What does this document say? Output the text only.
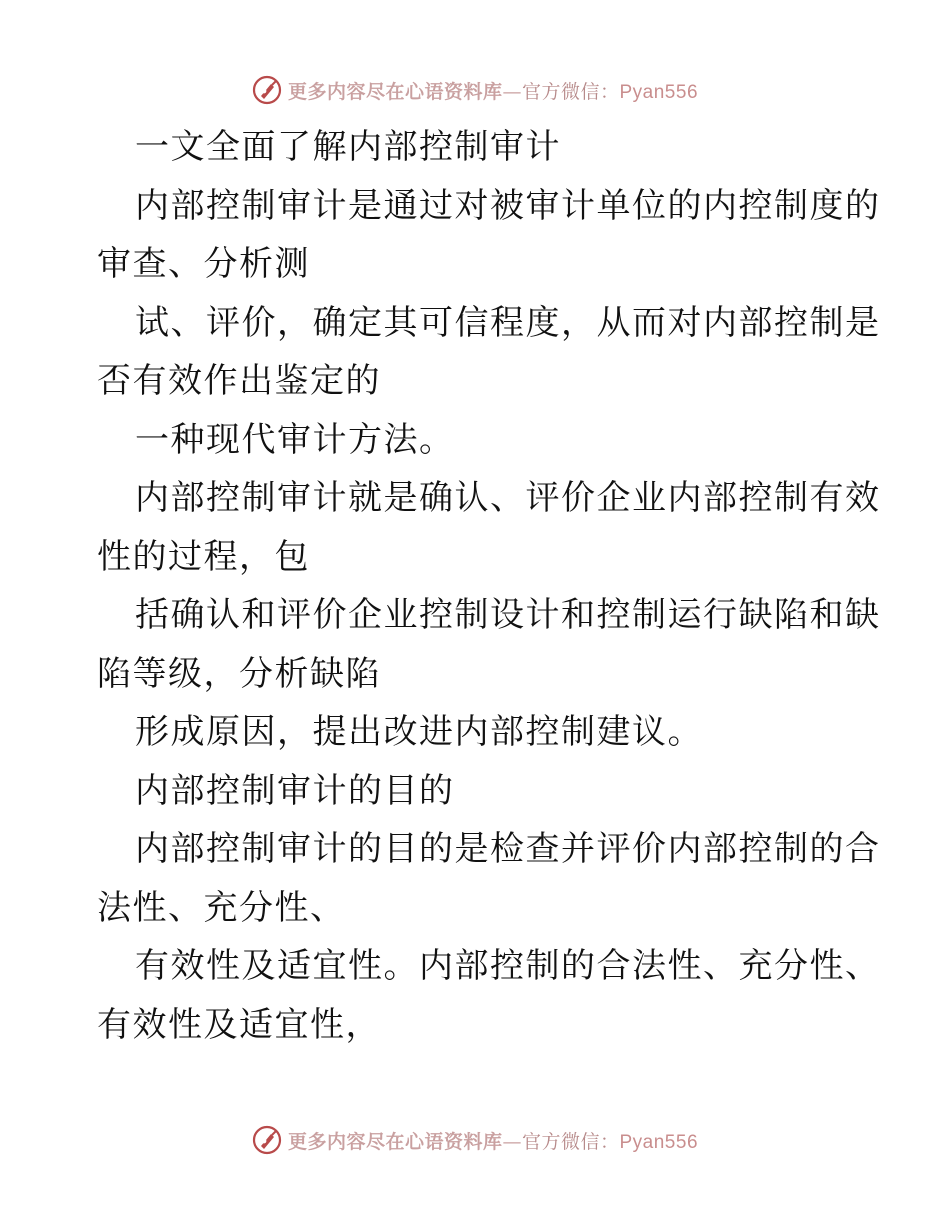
更多内容尽在心语资料库—官方微信：Pyan556
一文全面了解内部控制审计
内部控制审计是通过对被审计单位的内控制度的
审查、分析测
试、评价，确定其可信程度，从而对内部控制是
否有效作出鉴定的
一种现代审计方法。
内部控制审计就是确认、评价企业内部控制有效
性的过程，包
括确认和评价企业控制设计和控制运行缺陷和缺
陷等级，分析缺陷
形成原因，提出改进内部控制建议。
内部控制审计的目的
内部控制审计的目的是检查并评价内部控制的合
法性、充分性、
有效性及适宜性。内部控制的合法性、充分性、
有效性及适宜性，
更多内容尽在心语资料库—官方微信：Pyan556
